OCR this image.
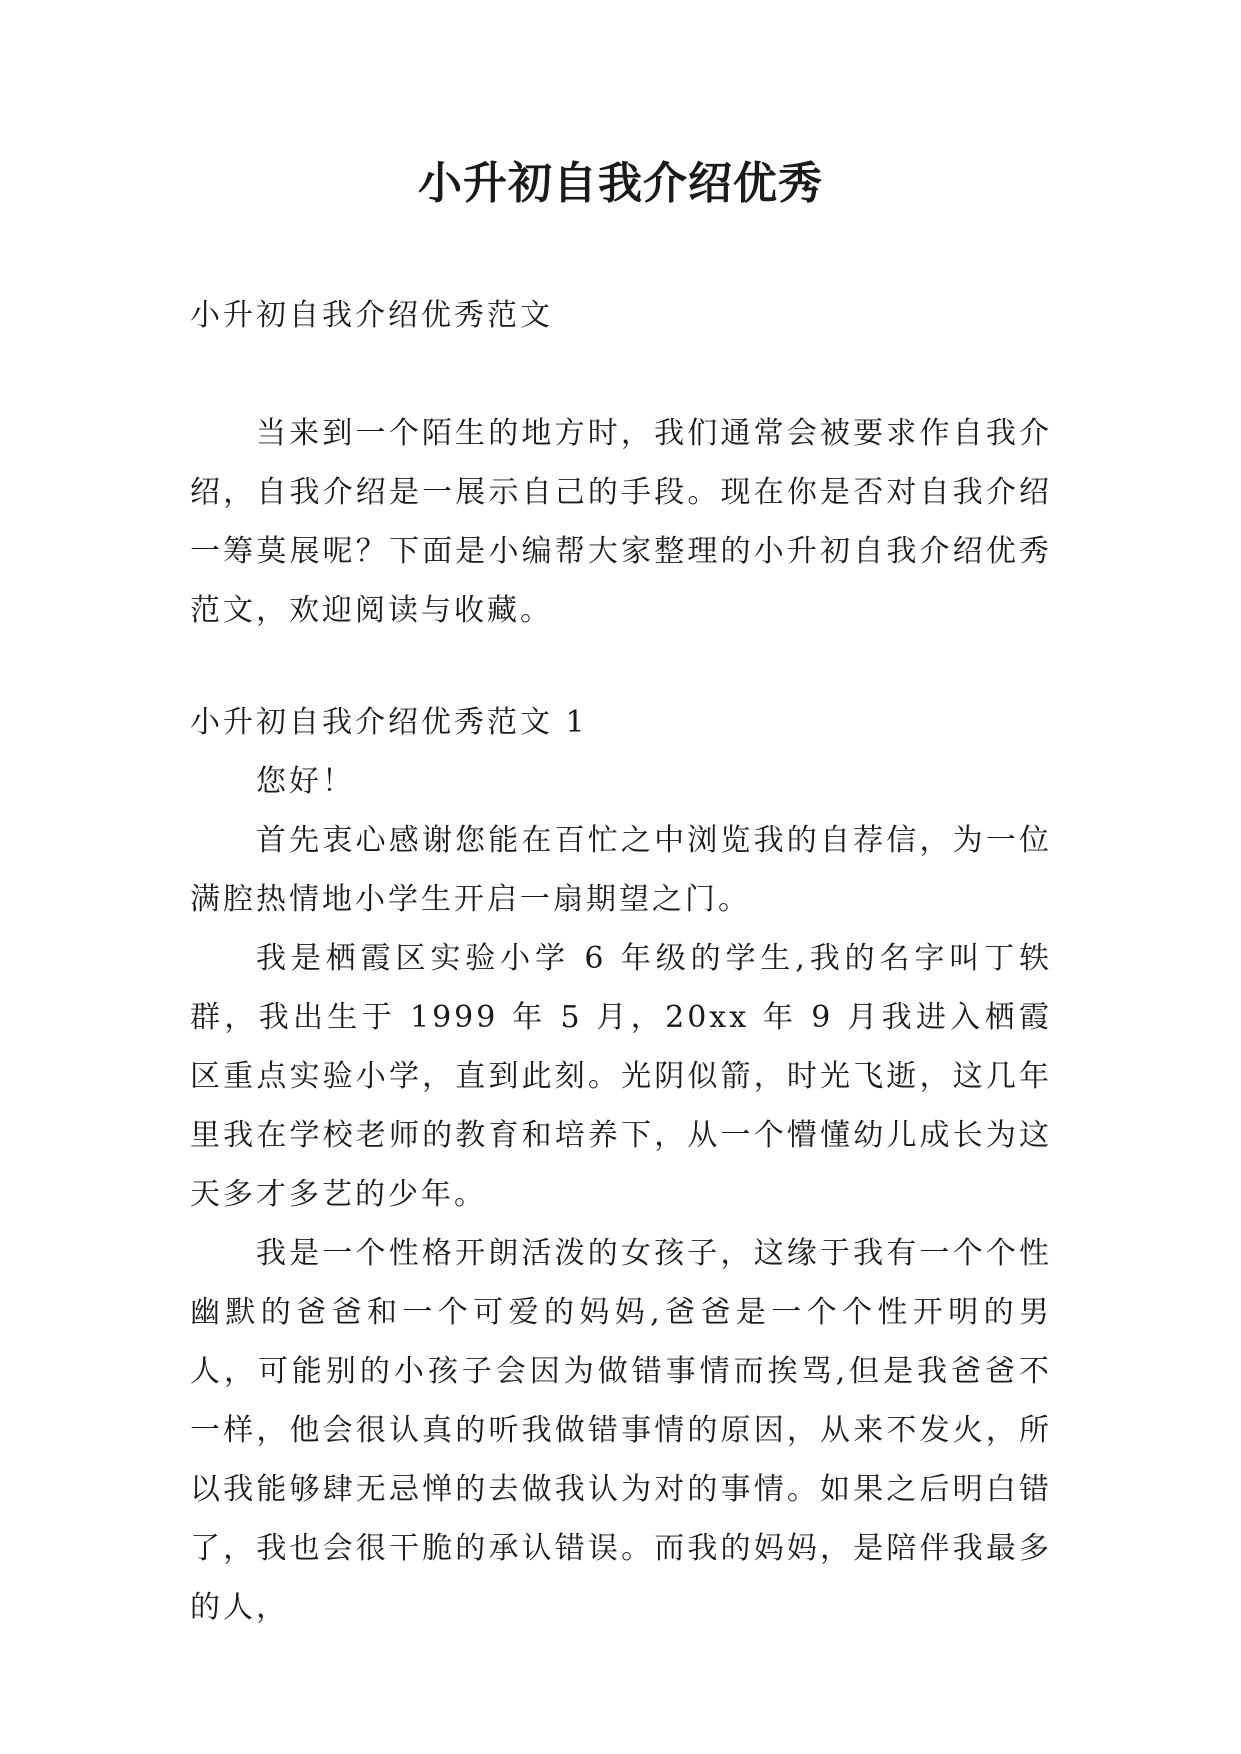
小升初自我介绍优秀

小升初自我介绍优秀范文

当来到一个陌生的地方时，我们通常会被要求作自我介绍，自我介绍是一展示自己的手段。现在你是否对自我介绍一筹莫展呢？下面是小编帮大家整理的小升初自我介绍优秀范文，欢迎阅读与收藏。

小升初自我介绍优秀范文 1

您好！

首先衷心感谢您能在百忙之中浏览我的自荐信，为一位满腔热情地小学生开启一扇期望之门。

我是栖霞区实验小学 6 年级的学生,我的名字叫丁轶群，我出生于 1999 年 5 月，20xx 年 9 月我进入栖霞区重点实验小学，直到此刻。光阴似箭，时光飞逝，这几年里我在学校老师的教育和培养下，从一个懵懂幼儿成长为这天多才多艺的少年。

我是一个性格开朗活泼的女孩子，这缘于我有一个个性幽默的爸爸和一个可爱的妈妈,爸爸是一个个性开明的男人，可能别的小孩子会因为做错事情而挨骂,但是我爸爸不一样，他会很认真的听我做错事情的原因，从来不发火，所以我能够肆无忌惮的去做我认为对的事情。如果之后明白错了，我也会很干脆的承认错误。而我的妈妈，是陪伴我最多的人，
